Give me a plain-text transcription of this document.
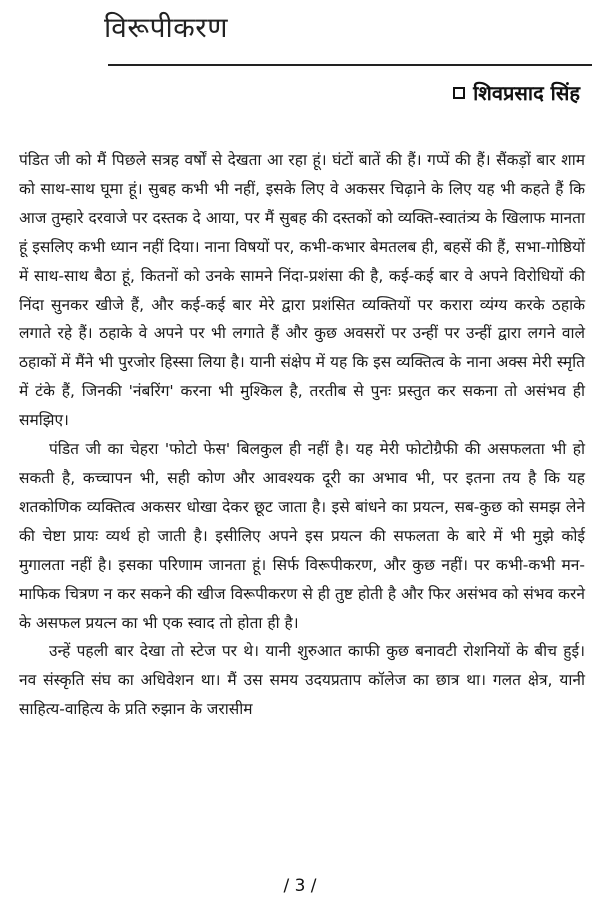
विरूपीकरण
शिवप्रसाद सिंह

पंडित जी को मैं पिछले सत्रह वर्षों से देखता आ रहा हूं। घंटों बातें की हैं। गप्पें की हैं। सैंकड़ों बार शाम को साथ-साथ घूमा हूं। सुबह कभी भी नहीं, इसके लिए वे अकसर चिढ़ाने के लिए यह भी कहते हैं कि आज तुम्हारे दरवाजे पर दस्तक दे आया, पर मैं सुबह की दस्तकों को व्यक्ति-स्वातंत्र्य के खिलाफ मानता हूं इसलिए कभी ध्यान नहीं दिया। नाना विषयों पर, कभी-कभार बेमतलब ही, बहसें की हैं, सभा-गोष्ठियों में साथ-साथ बैठा हूं, कितनों को उनके सामने निंदा-प्रशंसा की है, कई-कई बार वे अपने विरोधियों की निंदा सुनकर खीजे हैं, और कई-कई बार मेरे द्वारा प्रशंसित व्यक्तियों पर करारा व्यंग्य करके ठहाके लगाते रहे हैं। ठहाके वे अपने पर भी लगाते हैं और कुछ अवसरों पर उन्हीं पर उन्हीं द्वारा लगने वाले ठहाकों में मैंने भी पुरजोर हिस्सा लिया है। यानी संक्षेप में यह कि इस व्यक्तित्व के नाना अक्स मेरी स्मृति में टंके हैं, जिनकी 'नंबरिंग' करना भी मुश्किल है, तरतीब से पुनः प्रस्तुत कर सकना तो असंभव ही समझिए।

पंडित जी का चेहरा 'फोटो फेस' बिलकुल ही नहीं है। यह मेरी फोटोग्रैफी की असफलता भी हो सकती है, कच्चापन भी, सही कोण और आवश्यक दूरी का अभाव भी, पर इतना तय है कि यह शतकोणिक व्यक्तित्व अकसर धोखा देकर छूट जाता है। इसे बांधने का प्रयत्न, सब-कुछ को समझ लेने की चेष्टा प्रायः व्यर्थ हो जाती है। इसीलिए अपने इस प्रयत्न की सफलता के बारे में भी मुझे कोई मुगालता नहीं है। इसका परिणाम जानता हूं। सिर्फ विरूपीकरण, और कुछ नहीं। पर कभी-कभी मन-माफिक चित्रण न कर सकने की खीज विरूपीकरण से ही तुष्ट होती है और फिर असंभव को संभव करने के असफल प्रयत्न का भी एक स्वाद तो होता ही है।

उन्हें पहली बार देखा तो स्टेज पर थे। यानी शुरुआत काफी कुछ बनावटी रोशनियों के बीच हुई। नव संस्कृति संघ का अधिवेशन था। मैं उस समय उदयप्रताप कॉलेज का छात्र था। गलत क्षेत्र, यानी साहित्य-वाहित्य के प्रति रुझान के जरासीम

/ 3 /
